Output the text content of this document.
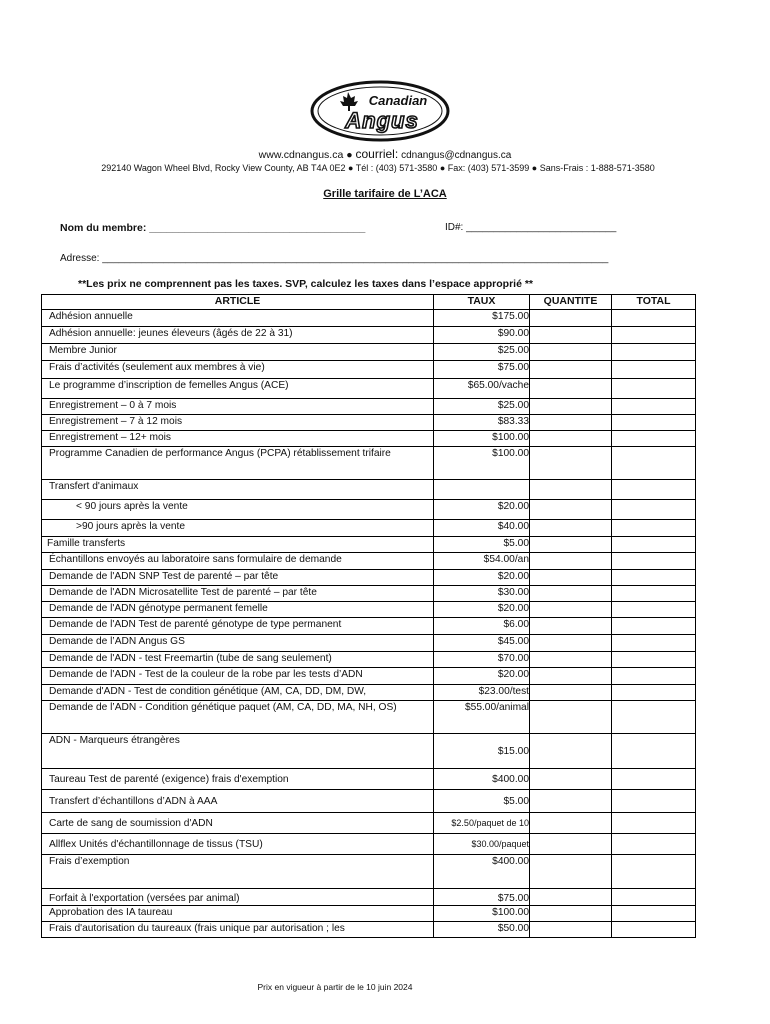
Canadian
Angus
www.cdnangus.ca ● courriel: cdnangus@cdnangus.ca
292140 Wagon Wheel Blvd, Rocky View County, AB T4A 0E2 ● Tél : (403) 571-3580 ● Fax: (403) 571-3599 ● Sans-Frais : 1-888-571-3580
Grille tarifaire de L’ACA
Nom du membre: _____________________________________	ID#: ___________________________
Adresse: ___________________________________________________________________________________________
**Les prix ne comprennent pas les taxes. SVP, calculez les taxes dans l’espace approprié **
ARTICLE	TAUX	QUANTITE	TOTAL
Adhésion annuelle	$175.00		
Adhésion annuelle: jeunes éleveurs (âgés de 22 à 31)	$90.00		
Membre Junior	$25.00		
Frais d’activités (seulement aux membres à vie)	$75.00		
Le programme d’inscription de femelles Angus (ACE)	$65.00/vache		
Enregistrement – 0 à 7 mois	$25.00		
Enregistrement – 7 à 12 mois	$83.33		
Enregistrement – 12+ mois	$100.00		
Programme Canadien de performance Angus (PCPA) rétablissement trifaire	$100.00		
Transfert d'animaux			
< 90 jours après la vente	$20.00		
>90 jours après la vente	$40.00		
Famille transferts	$5.00		
Échantillons envoyés au laboratoire sans formulaire de demande	$54.00/an		
Demande de l'ADN SNP Test de parenté – par tête	$20.00		
Demande de l'ADN Microsatellite Test de parenté – par tête	$30.00		
Demande de l'ADN génotype permanent femelle	$20.00		
Demande de l'ADN Test de parenté génotype de type permanent	$6.00		
Demande de l’ADN Angus GS	$45.00		
Demande de l'ADN - test Freemartin (tube de sang seulement)	$70.00		
Demande de l'ADN - Test de la couleur de la robe par les tests d’ADN	$20.00		
Demande d'ADN - Test de condition génétique (AM, CA, DD, DM, DW,	$23.00/test		
Demande de l’ADN - Condition génétique paquet (AM, CA, DD, MA, NH, OS)	$55.00/animal		
ADN - Marqueurs étrangères	$15.00		
Taureau Test de parenté (exigence) frais d'exemption	$400.00		
Transfert d’échantillons d’ADN à AAA	$5.00		
Carte de sang de soumission d'ADN	$2.50/paquet de 10		
Allflex Unités d'échantillonnage de tissus (TSU)	$30.00/paquet		
Frais d’exemption	$400.00		
Forfait à l'exportation (versées par animal)	$75.00		
Approbation des IA taureau	$100.00		
Frais d'autorisation du taureaux (frais unique par autorisation ; les	$50.00		
Prix en vigueur à partir de le 10 juin 2024
